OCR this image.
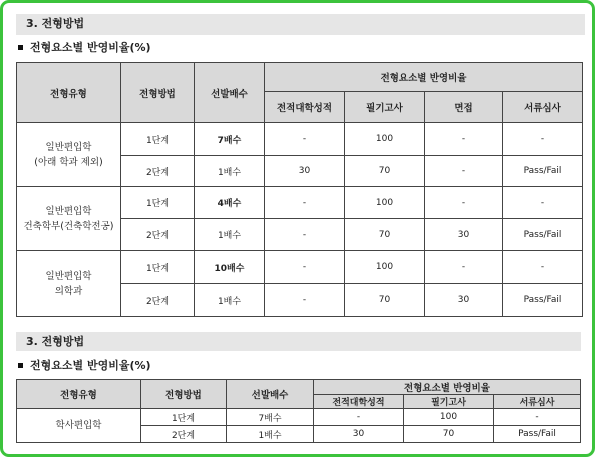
3. 전형방법
전형요소별 반영비율(%)
전형유형	전형방법	선발배수	전형요소별 반영비율			
			전적대학성적	필기고사	면접	서류심사
일반편입학
(아래 학과 제외)	1단계	7배수	-	100	-	-
	2단계	1배수	30	70	-	Pass/Fail
일반편입학
건축학부(건축학전공)	1단계	4배수	-	100	-	-
	2단계	1배수	-	70	30	Pass/Fail
일반편입학
의학과	1단계	10배수	-	100	-	-
	2단계	1배수	-	70	30	Pass/Fail
3. 전형방법
전형요소별 반영비율(%)
전형유형	전형방법	선발배수	전형요소별 반영비율		
			전적대학성적	필기고사	서류심사
학사편입학	1단계	7배수	-	100	-
	2단계	1배수	30	70	Pass/Fail
